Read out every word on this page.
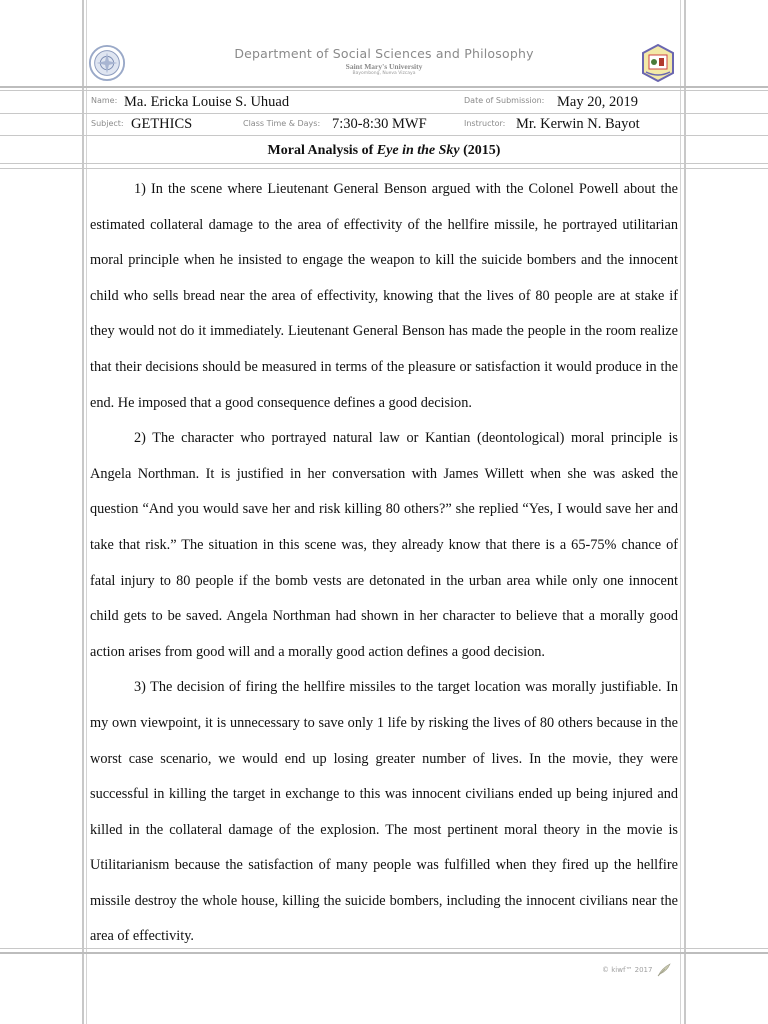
Department of Social Sciences and Philosophy
Saint Mary's University
Bayombong, Nueva Vizcaya
Name: Ma. Ericka Louise S. Uhuad	Date of Submission: May 20, 2019
Subject: GETHICS	Class Time & Days: 7:30-8:30 MWF	Instructor: Mr. Kerwin N. Bayot
Moral Analysis of Eye in the Sky (2015)

1) In the scene where Lieutenant General Benson argued with the Colonel Powell about the estimated collateral damage to the area of effectivity of the hellfire missile, he portrayed utilitarian moral principle when he insisted to engage the weapon to kill the suicide bombers and the innocent child who sells bread near the area of effectivity, knowing that the lives of 80 people are at stake if they would not do it immediately. Lieutenant General Benson has made the people in the room realize that their decisions should be measured in terms of the pleasure or satisfaction it would produce in the end. He imposed that a good consequence defines a good decision.

2) The character who portrayed natural law or Kantian (deontological) moral principle is Angela Northman. It is justified in her conversation with James Willett when she was asked the question “And you would save her and risk killing 80 others?” she replied “Yes, I would save her and take that risk.” The situation in this scene was, they already know that there is a 65-75% chance of fatal injury to 80 people if the bomb vests are detonated in the urban area while only one innocent child gets to be saved. Angela Northman had shown in her character to believe that a morally good action arises from good will and a morally good action defines a good decision.

3) The decision of firing the hellfire missiles to the target location was morally justifiable. In my own viewpoint, it is unnecessary to save only 1 life by risking the lives of 80 others because in the worst case scenario, we would end up losing greater number of lives. In the movie, they were successful in killing the target in exchange to this was innocent civilians ended up being injured and killed in the collateral damage of the explosion. The most pertinent moral theory in the movie is Utilitarianism because the satisfaction of many people was fulfilled when they fired up the hellfire missile destroy the whole house, killing the suicide bombers, including the innocent civilians near the area of effectivity.

© kiwf™ 2017
